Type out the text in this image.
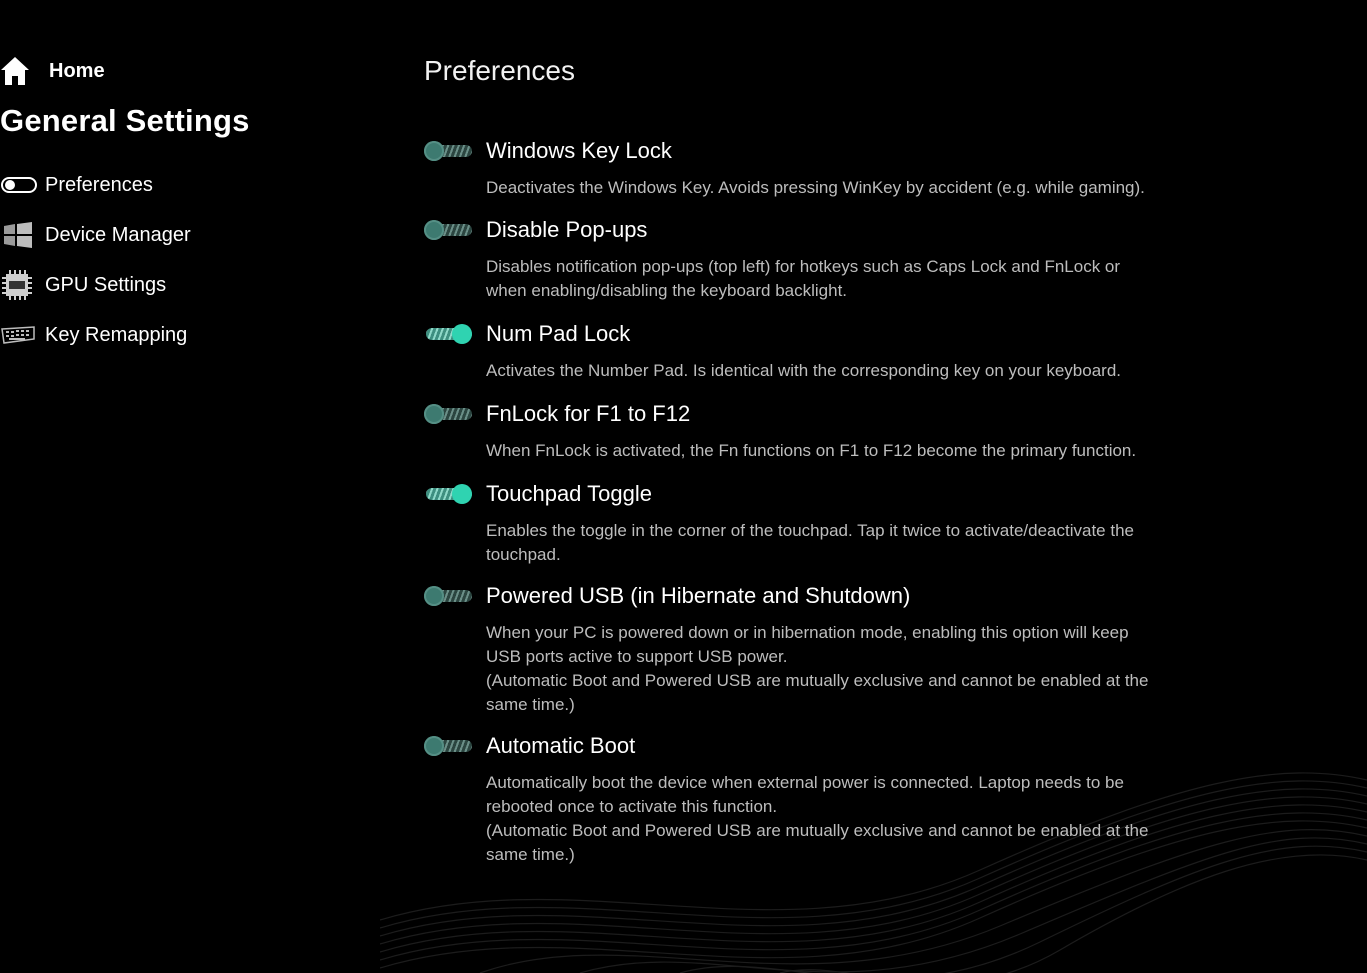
Home
General Settings
Preferences
Device Manager
GPU Settings
Key Remapping
Preferences
Windows Key Lock
Deactivates the Windows Key. Avoids pressing WinKey by accident (e.g. while gaming).
Disable Pop-ups
Disables notification pop-ups (top left) for hotkeys such as Caps Lock and FnLock or
when enabling/disabling the keyboard backlight.
Num Pad Lock
Activates the Number Pad. Is identical with the corresponding key on your keyboard.
FnLock for F1 to F12
When FnLock is activated, the Fn functions on F1 to F12 become the primary function.
Touchpad Toggle
Enables the toggle in the corner of the touchpad. Tap it twice to activate/deactivate the
touchpad.
Powered USB (in Hibernate and Shutdown)
When your PC is powered down or in hibernation mode, enabling this option will keep
USB ports active to support USB power.
(Automatic Boot and Powered USB are mutually exclusive and cannot be enabled at the
same time.)
Automatic Boot
Automatically boot the device when external power is connected. Laptop needs to be
rebooted once to activate this function.
(Automatic Boot and Powered USB are mutually exclusive and cannot be enabled at the
same time.)
